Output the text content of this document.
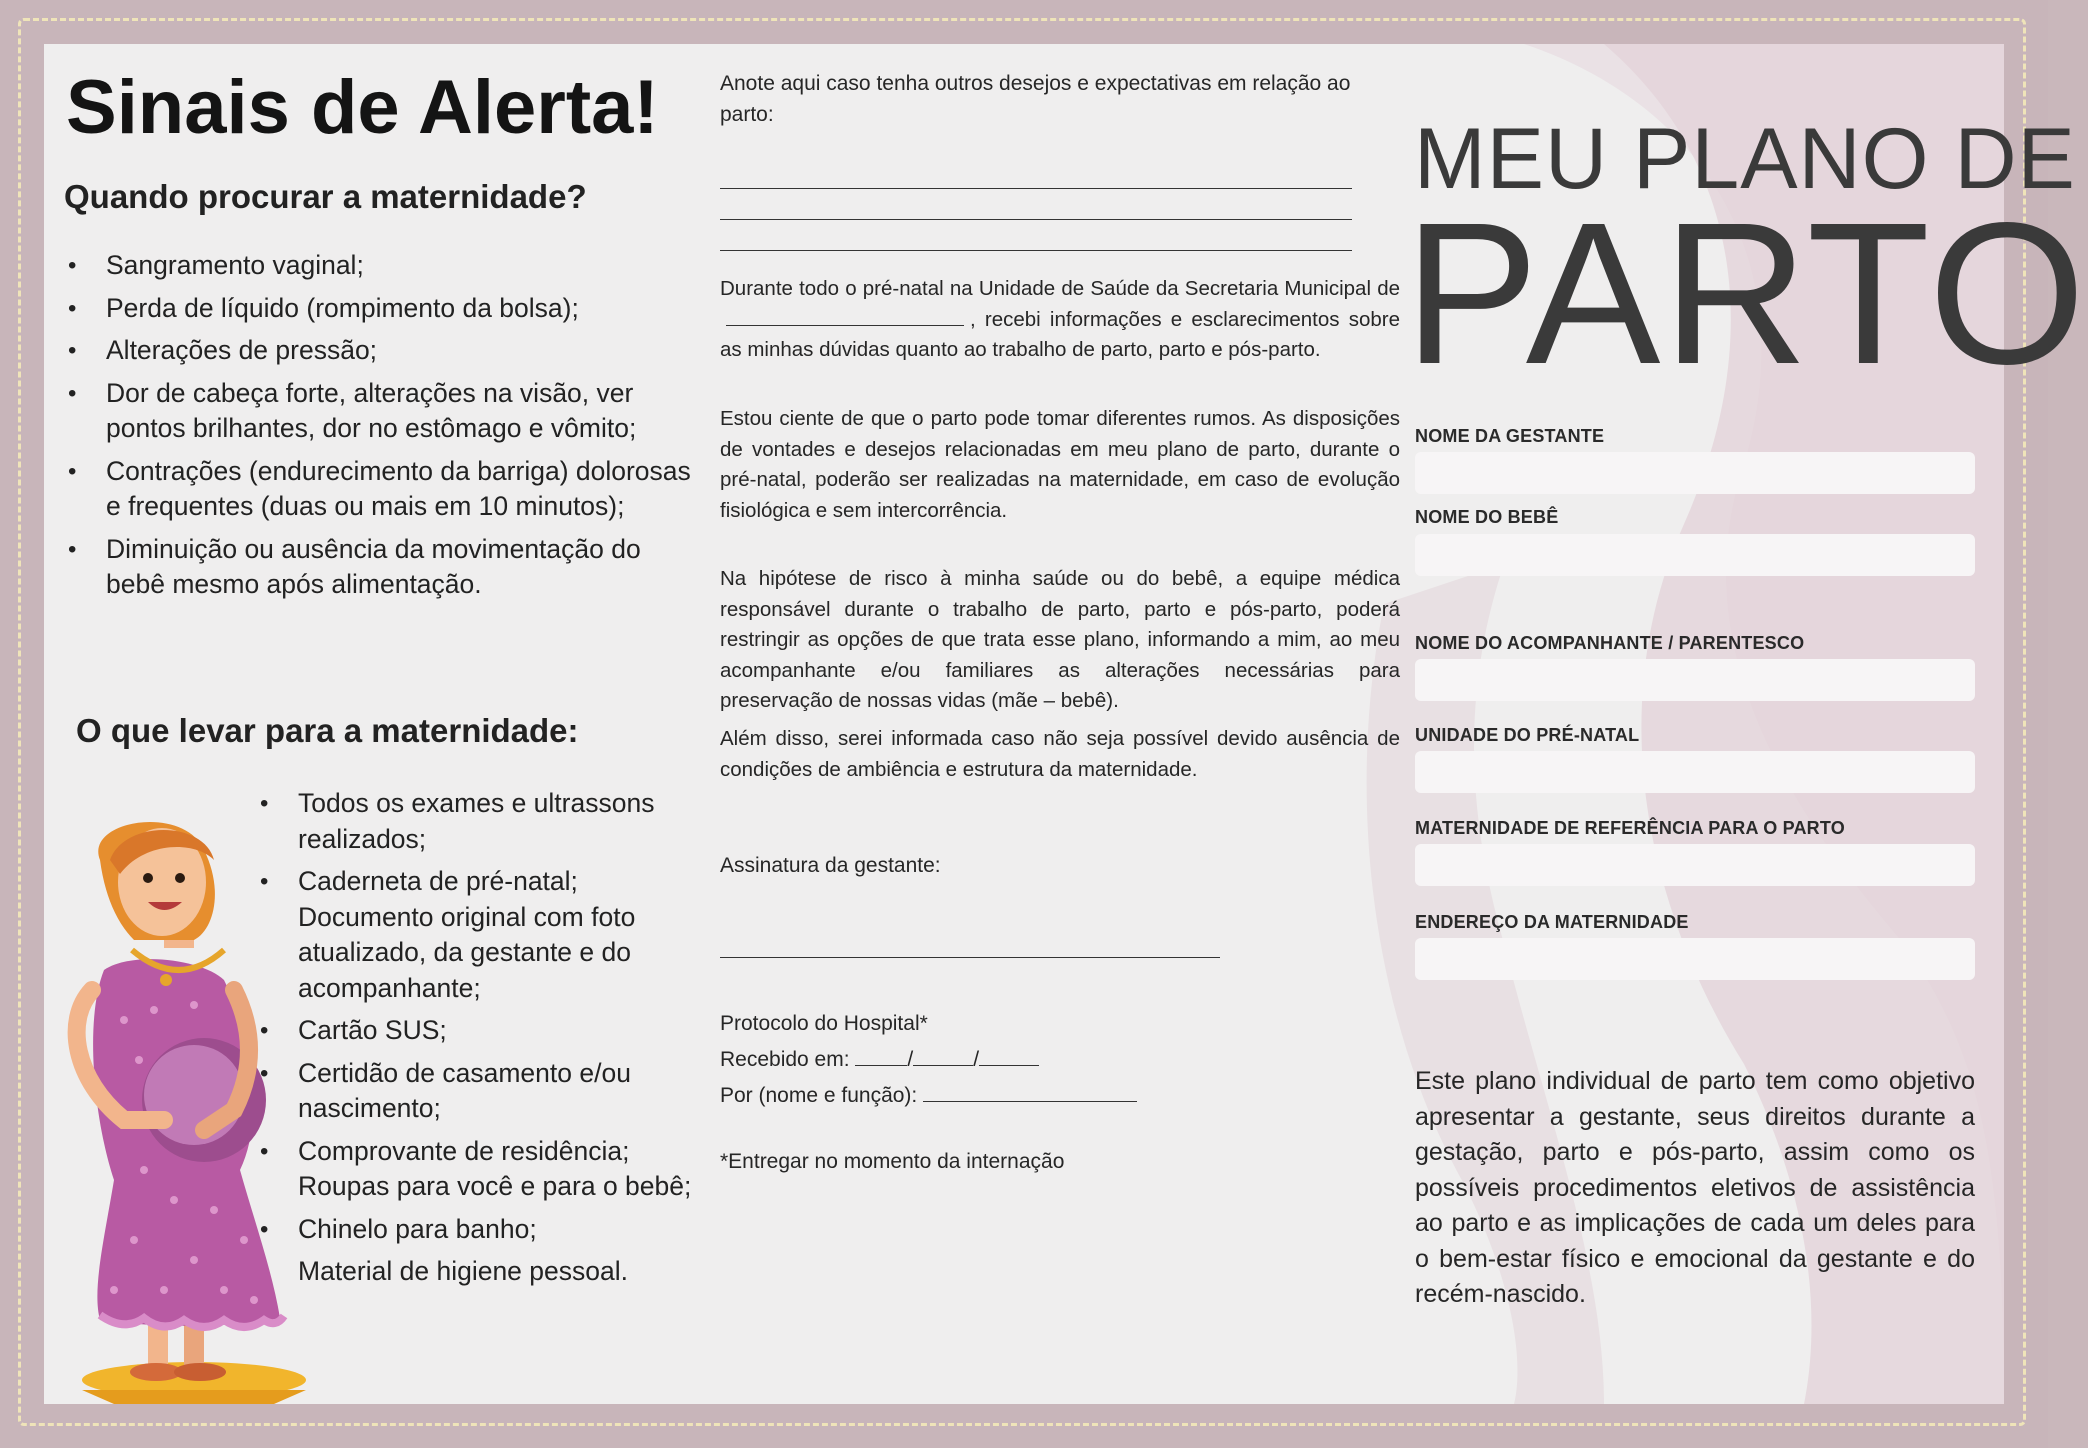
Sinais de Alerta!
Quando procurar a maternidade?
• Sangramento vaginal;
• Perda de líquido (rompimento da bolsa);
• Alterações de pressão;
• Dor de cabeça forte, alterações na visão, ver pontos brilhantes, dor no estômago e vômito;
• Contrações (endurecimento da barriga) dolorosas e frequentes (duas ou mais em 10 minutos);
• Diminuição ou ausência da movimentação do bebê mesmo após alimentação.
O que levar para a maternidade:
• Todos os exames e ultrassons realizados;
• Caderneta de pré-natal; Documento original com foto atualizado, da gestante e do acompanhante;
• Cartão SUS;
• Certidão de casamento e/ou nascimento;
• Comprovante de residência; Roupas para você e para o bebê;
• Chinelo para banho;
• Material de higiene pessoal.
Anote aqui caso tenha outros desejos e expectativas em relação ao parto:

Durante todo o pré-natal na Unidade de Saúde da Secretaria Municipal de, recebi informações e esclarecimentos sobre as minhas dúvidas quanto ao trabalho de parto, parto e pós-parto.

Estou ciente de que o parto pode tomar diferentes rumos. As disposições de vontades e desejos relacionadas em meu plano de parto, durante o pré-natal, poderão ser realizadas na maternidade, em caso de evolução fisiológica e sem intercorrência.

Na hipótese de risco à minha saúde ou do bebê, a equipe médica responsável durante o trabalho de parto, parto e pós-parto, poderá restringir as opções de que trata esse plano, informando a mim, ao meu acompanhante e/ou familiares as alterações necessárias para preservação de nossas vidas (mãe – bebê).

Além disso, serei informada caso não seja possível devido ausência de condições de ambiência e estrutura da maternidade.

Assinatura da gestante:
Protocolo do Hospital*
Recebido em:	/	/
Por (nome e função):
*Entregar no momento da internação
MEU PLANO DE
PARTO
NOME DA GESTANTE
NOME DO BEBÊ
NOME DO ACOMPANHANTE / PARENTESCO
UNIDADE DO PRÉ-NATAL
MATERNIDADE DE REFERÊNCIA PARA O PARTO
ENDEREÇO DA MATERNIDADE

Este plano individual de parto tem como objetivo apresentar a gestante, seus direitos durante a gestação, parto e pós-parto, assim como os possíveis procedimentos eletivos de assistência ao parto e as implicações de cada um deles para o bem-estar físico e emocional da gestante e do recém-nascido.
